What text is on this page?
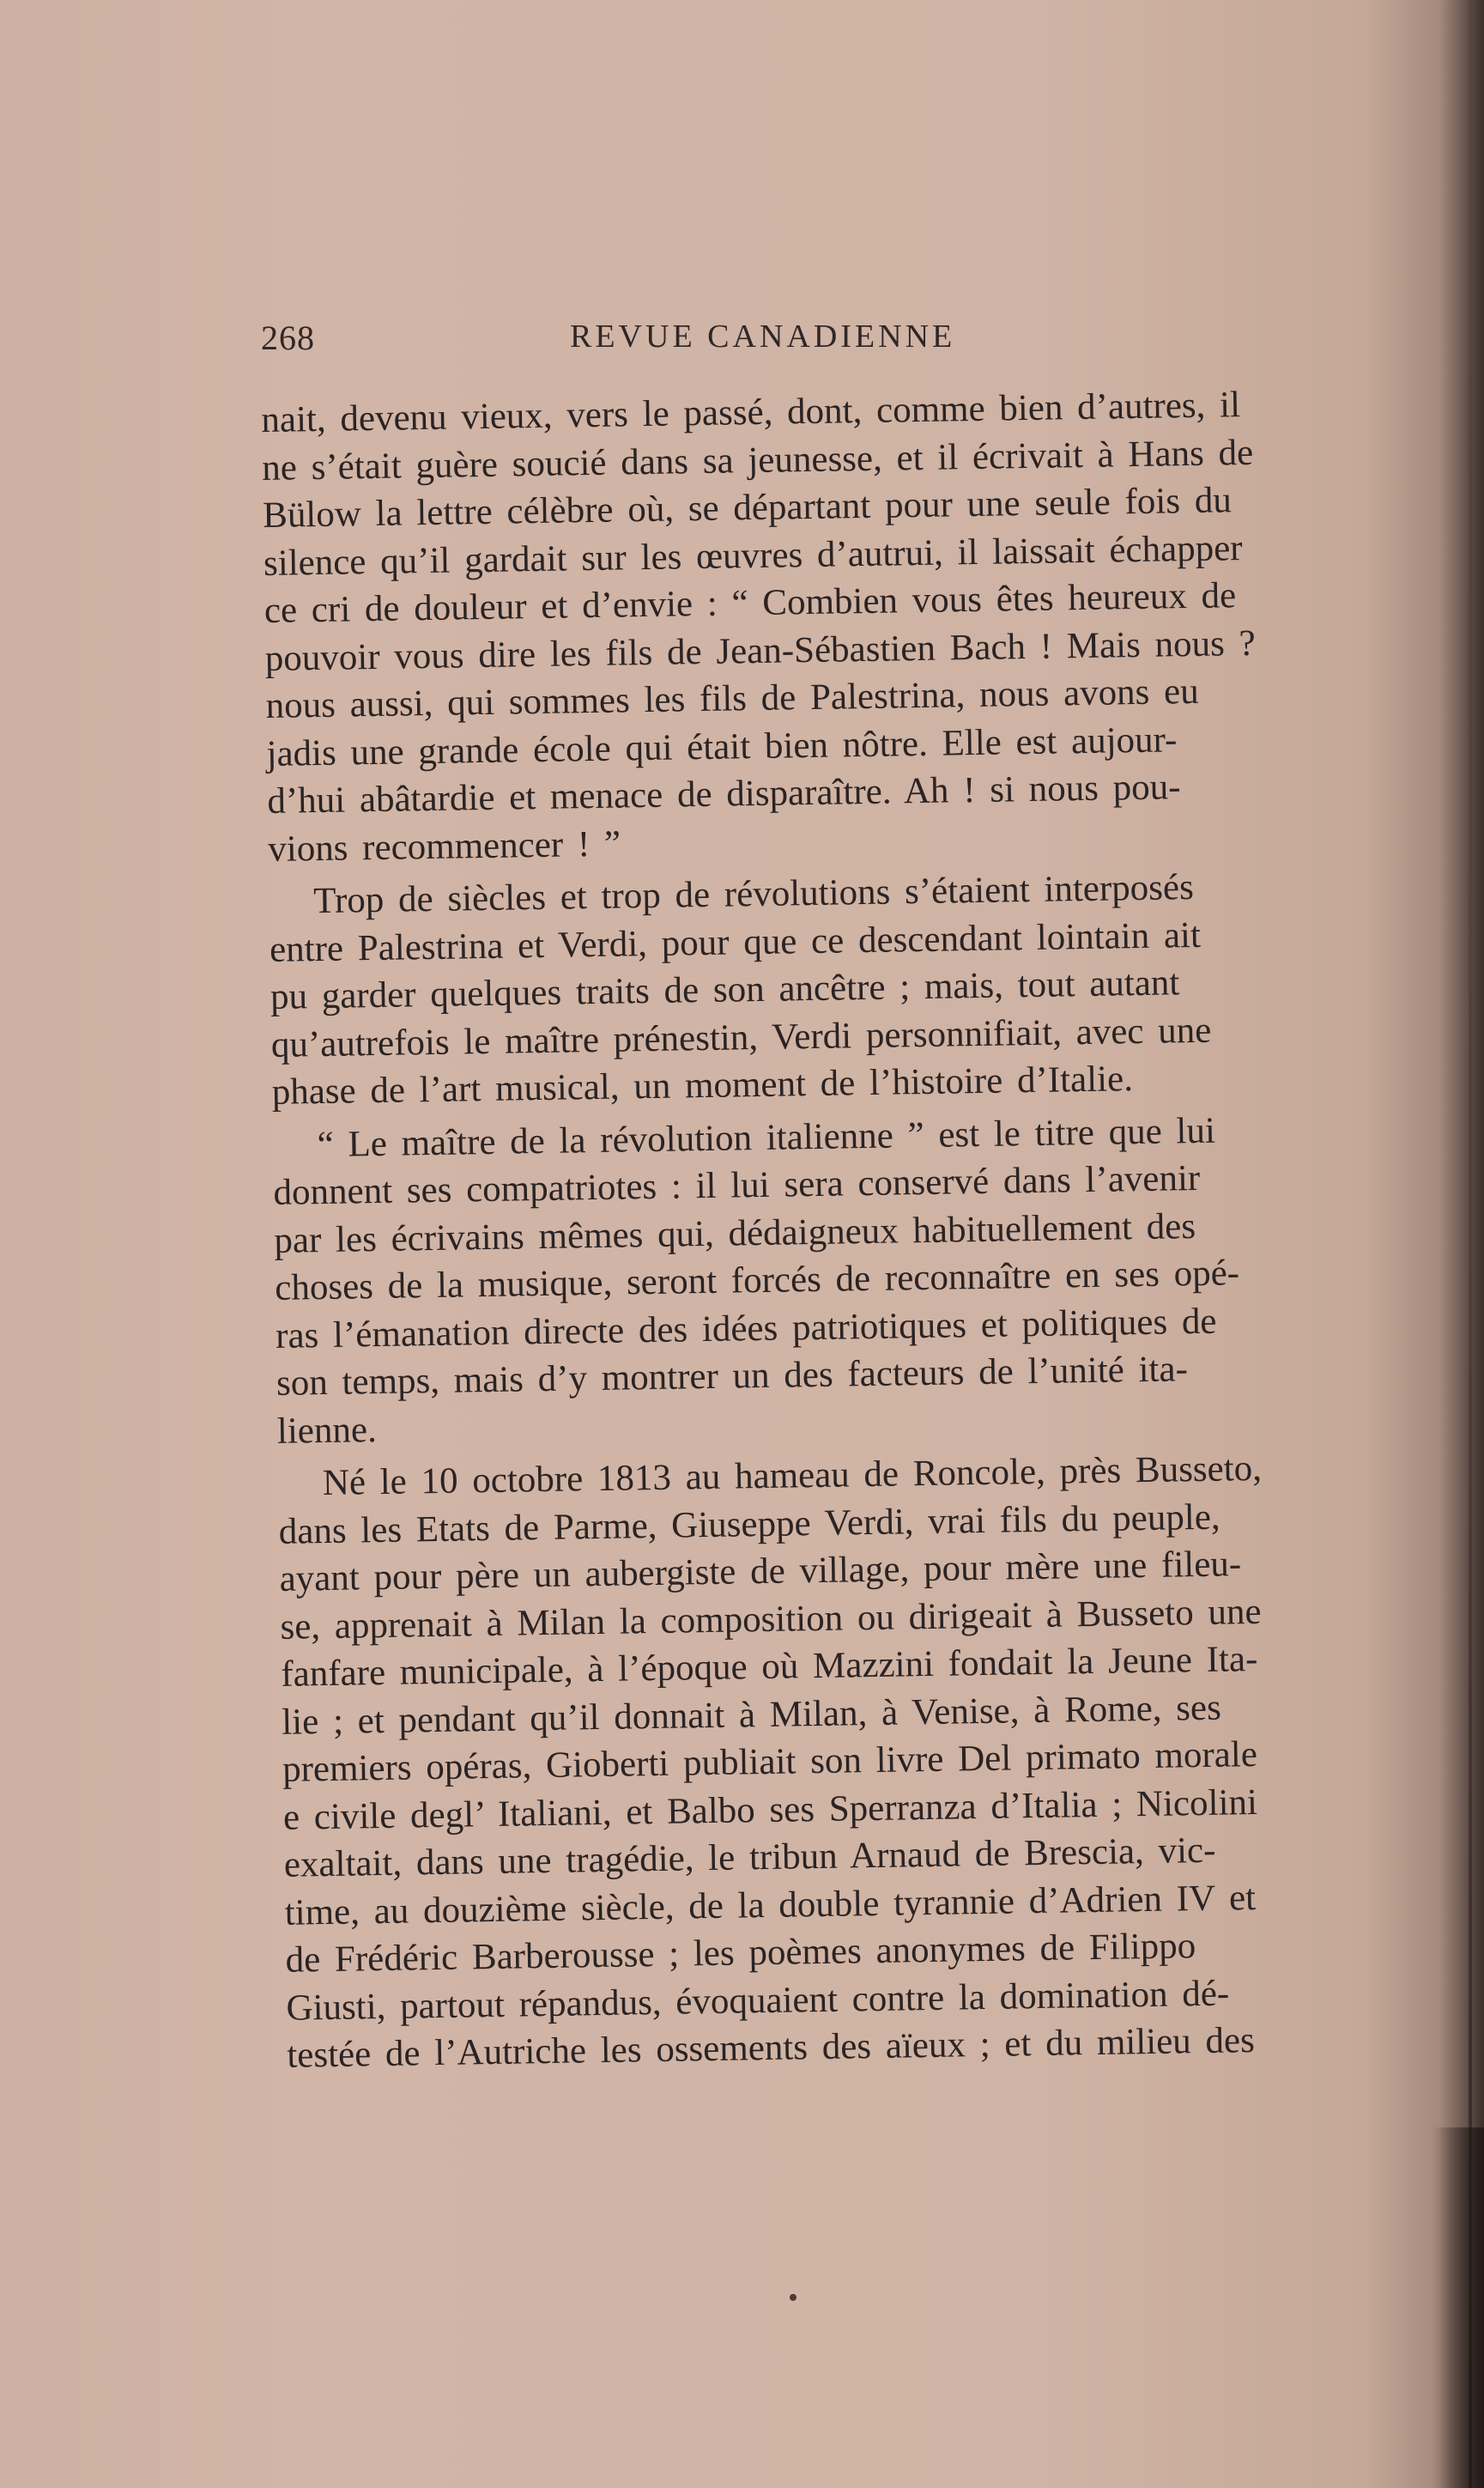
268	REVUE CANADIENNE
nait, devenu vieux, vers le passé, dont, comme bien d’autres, il
ne s’était guère soucié dans sa jeunesse, et il écrivait à Hans de
Bülow la lettre célèbre où, se départant pour une seule fois du
silence qu’il gardait sur les œuvres d’autrui, il laissait échapper
ce cri de douleur et d’envie : “ Combien vous êtes heureux de
pouvoir vous dire les fils de Jean-Sébastien Bach ! Mais nous ?
nous aussi, qui sommes les fils de Palestrina, nous avons eu
jadis une grande école qui était bien nôtre. Elle est aujour-
d’hui abâtardie et menace de disparaître. Ah ! si nous pou-
vions recommencer ! ”
Trop de siècles et trop de révolutions s’étaient interposés
entre Palestrina et Verdi, pour que ce descendant lointain ait
pu garder quelques traits de son ancêtre ; mais, tout autant
qu’autrefois le maître prénestin, Verdi personnifiait, avec une
phase de l’art musical, un moment de l’histoire d’Italie.
“ Le maître de la révolution italienne ” est le titre que lui
donnent ses compatriotes : il lui sera conservé dans l’avenir
par les écrivains mêmes qui, dédaigneux habituellement des
choses de la musique, seront forcés de reconnaître en ses opé-
ras l’émanation directe des idées patriotiques et politiques de
son temps, mais d’y montrer un des facteurs de l’unité ita-
lienne.
Né le 10 octobre 1813 au hameau de Roncole, près Busseto,
dans les Etats de Parme, Giuseppe Verdi, vrai fils du peuple,
ayant pour père un aubergiste de village, pour mère une fileu-
se, apprenait à Milan la composition ou dirigeait à Busseto une
fanfare municipale, à l’époque où Mazzini fondait la Jeune Ita-
lie ; et pendant qu’il donnait à Milan, à Venise, à Rome, ses
premiers opéras, Gioberti publiait son livre Del primato morale
e civile degl’ Italiani, et Balbo ses Sperranza d’Italia ; Nicolini
exaltait, dans une tragédie, le tribun Arnaud de Brescia, vic-
time, au douzième siècle, de la double tyrannie d’Adrien IV et
de Frédéric Barberousse ; les poèmes anonymes de Filippo
Giusti, partout répandus, évoquaient contre la domination dé-
testée de l’Autriche les ossements des aïeux ; et du milieu des
